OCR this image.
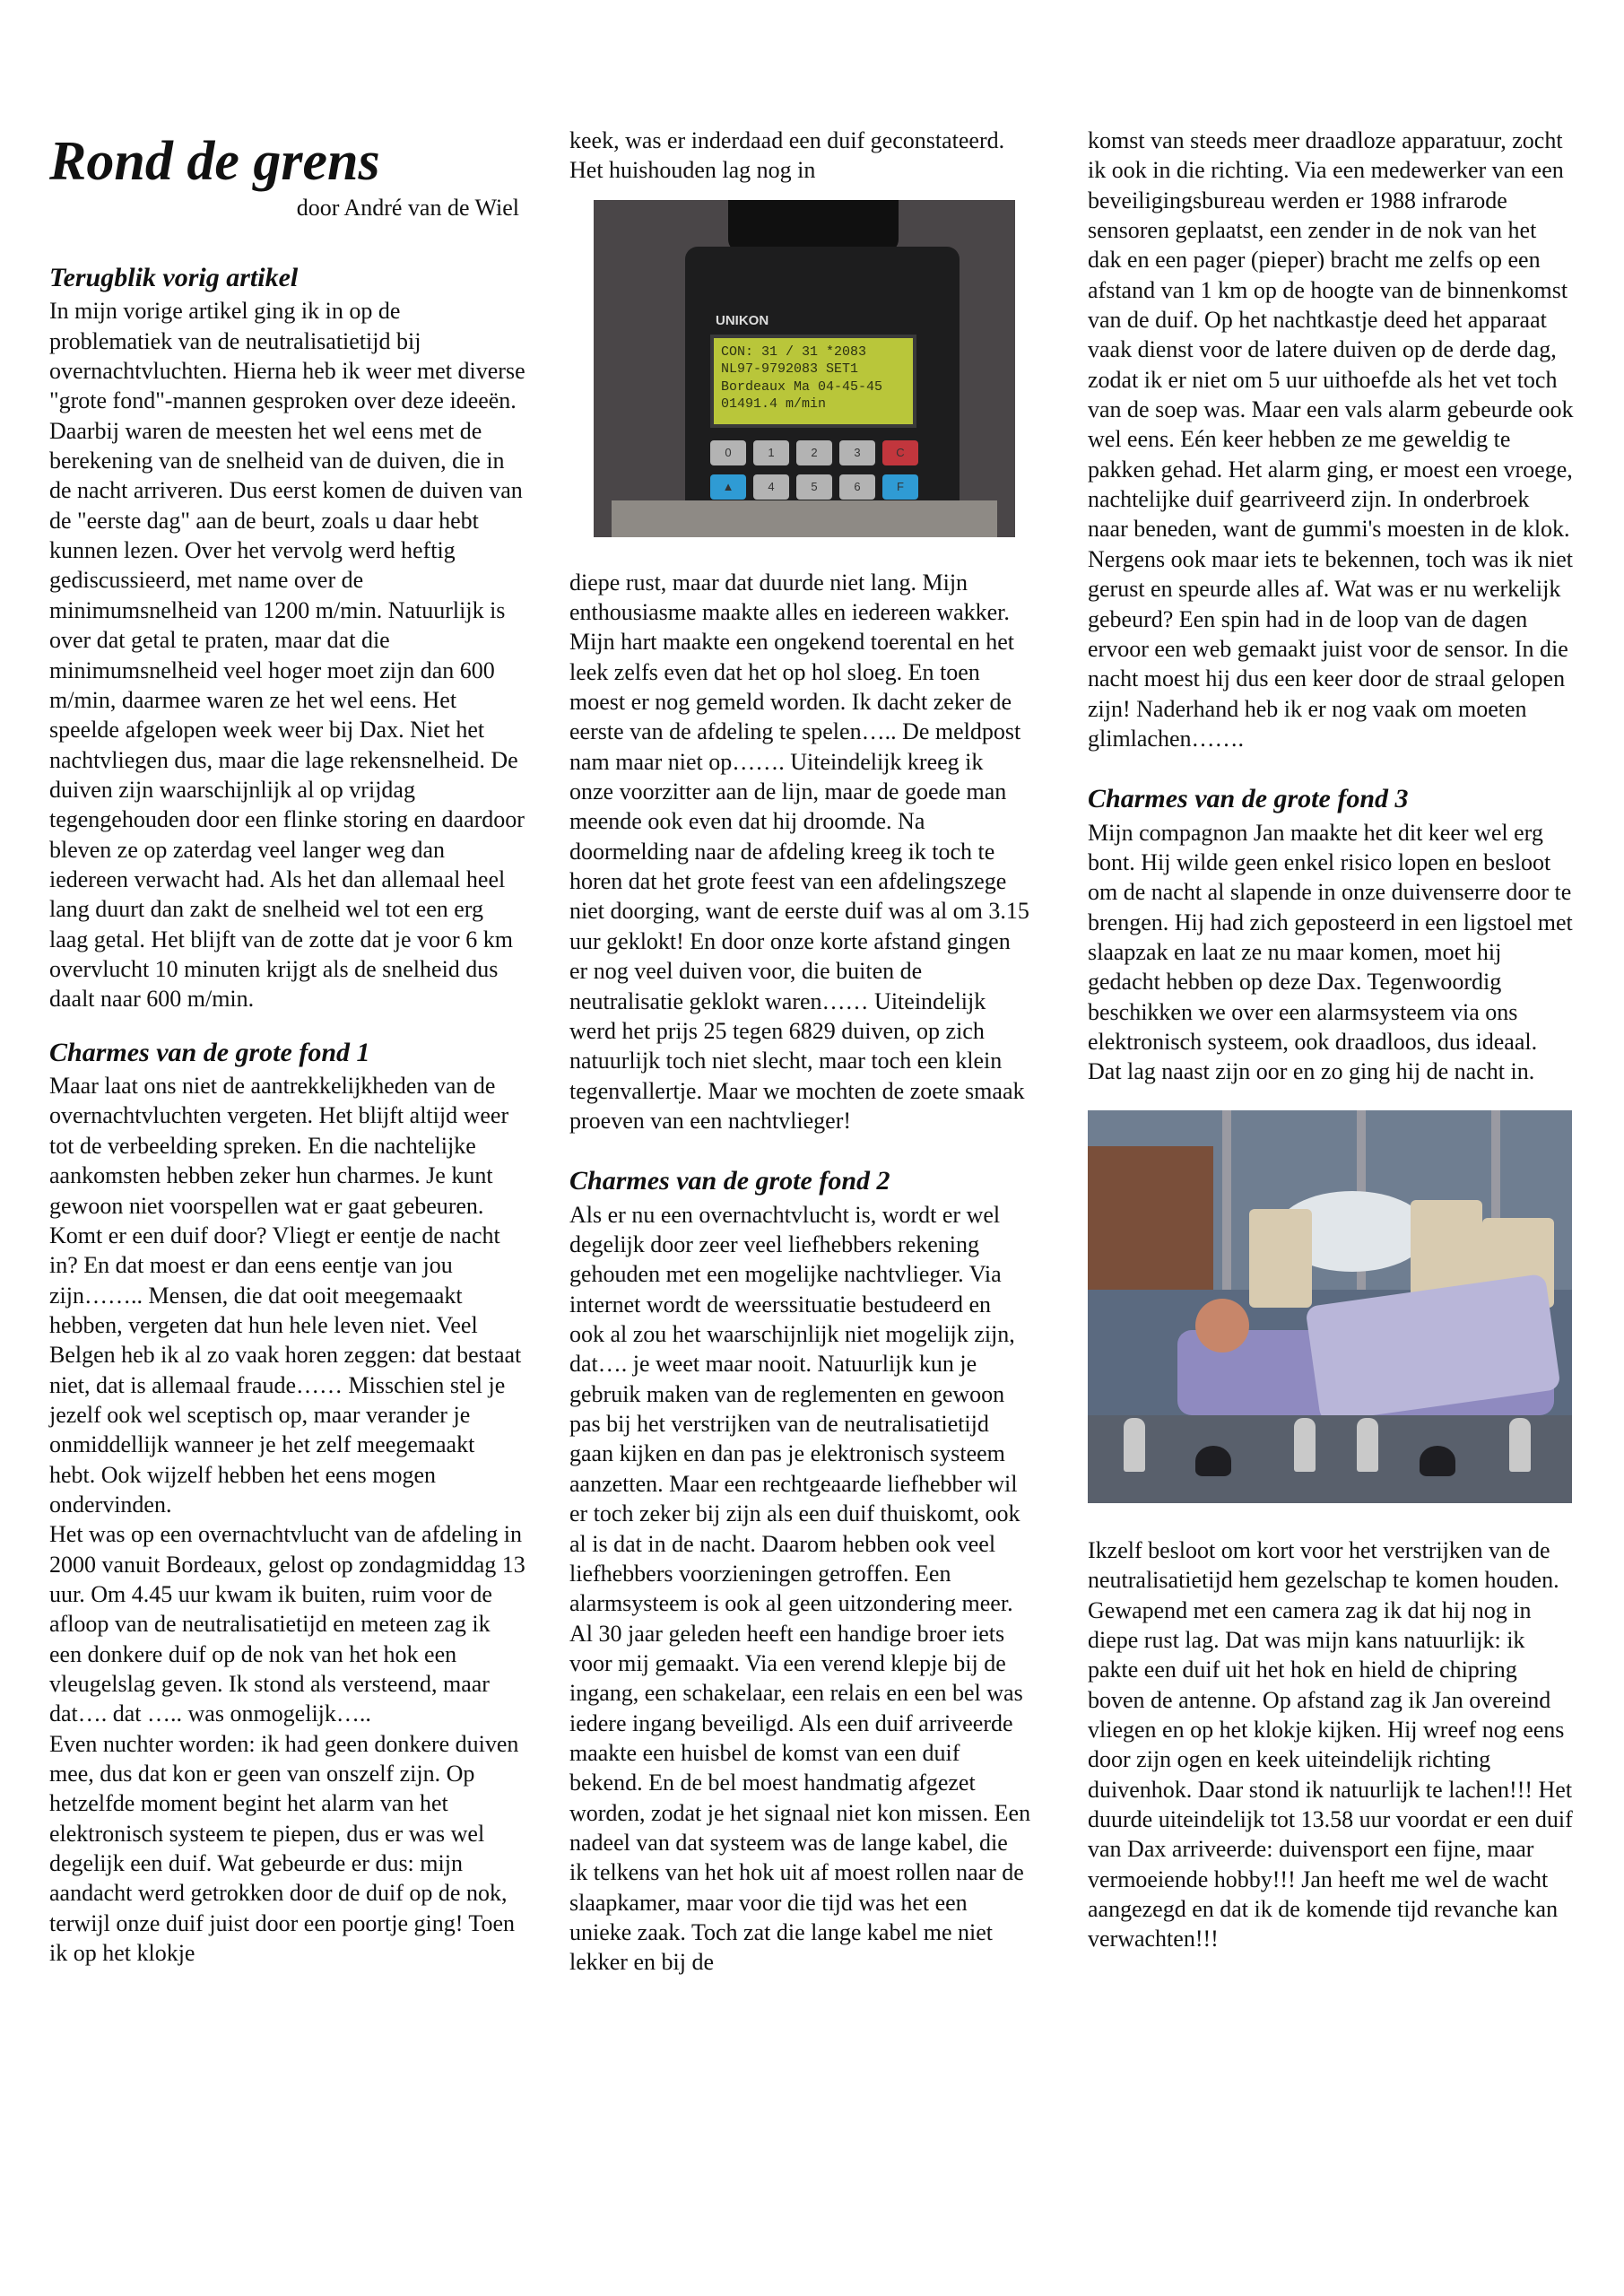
Rond de grens
door André van de Wiel
Terugblik vorig artikel

In mijn vorige artikel ging ik in op de problematiek van de neutralisatietijd bij overnachtvluchten. Hierna heb ik weer met diverse "grote fond"-mannen gesproken over deze ideeën. Daarbij waren de meesten het wel eens met de berekening van de snelheid van de duiven, die in de nacht arriveren. Dus eerst komen de duiven van de "eerste dag" aan de beurt, zoals u daar hebt kunnen lezen. Over het vervolg werd heftig gediscussieerd, met name over de minimumsnelheid van 1200 m/min. Natuurlijk is over dat getal te praten, maar dat die minimumsnelheid veel hoger moet zijn dan 600 m/min, daarmee waren ze het wel eens. Het speelde afgelopen week weer bij Dax. Niet het nachtvliegen dus, maar die lage rekensnelheid. De duiven zijn waarschijnlijk al op vrijdag tegengehouden door een flinke storing en daardoor bleven ze op zaterdag veel langer weg dan iedereen verwacht had. Als het dan allemaal heel lang duurt dan zakt de snelheid wel tot een erg laag getal. Het blijft van de zotte dat je voor 6 km overvlucht 10 minuten krijgt als de snelheid dus daalt naar 600 m/min.

Charmes van de grote fond 1

Maar laat ons niet de aantrekkelijkheden van de overnachtvluchten vergeten. Het blijft altijd weer tot de verbeelding spreken. En die nachtelijke aankomsten hebben zeker hun charmes. Je kunt gewoon niet voorspellen wat er gaat gebeuren. Komt er een duif door? Vliegt er eentje de nacht in? En dat moest er dan eens eentje van jou zijn…….. Mensen, die dat ooit meegemaakt hebben, vergeten dat hun hele leven niet. Veel Belgen heb ik al zo vaak horen zeggen: dat bestaat niet, dat is allemaal fraude…… Misschien stel je jezelf ook wel sceptisch op, maar verander je onmiddellijk wanneer je het zelf meegemaakt hebt. Ook wijzelf hebben het eens mogen ondervinden.
Het was op een overnachtvlucht van de afdeling in 2000 vanuit Bordeaux, gelost op zondagmiddag 13 uur. Om 4.45 uur kwam ik buiten, ruim voor de afloop van de neutralisatietijd en meteen zag ik een donkere duif op de nok van het hok een vleugelslag geven. Ik stond als versteend, maar dat…. dat ….. was onmogelijk…..
Even nuchter worden: ik had geen donkere duiven mee, dus dat kon er geen van onszelf zijn. Op hetzelfde moment begint het alarm van het elektronisch systeem te piepen, dus er was wel degelijk een duif. Wat gebeurde er dus: mijn aandacht werd getrokken door de duif op de nok, terwijl onze duif juist door een poortje ging! Toen ik op het klokje

keek, was er inderdaad een duif geconstateerd. Het huishouden lag nog in

UNIKON
CON: 31 / 31 *2083
NL97-9792083 SET1
Bordeaux Ma 04-45-45
01491.4 m/min
0	1	2	3	C
▲	4	5	6	F

diepe rust, maar dat duurde niet lang. Mijn enthousiasme maakte alles en iedereen wakker. Mijn hart maakte een ongekend toerental en het leek zelfs even dat het op hol sloeg. En toen moest er nog gemeld worden. Ik dacht zeker de eerste van de afdeling te spelen….. De meldpost nam maar niet op……. Uiteindelijk kreeg ik onze voorzitter aan de lijn, maar de goede man meende ook even dat hij droomde. Na doormelding naar de afdeling kreeg ik toch te horen dat het grote feest van een afdelingszege niet doorging, want de eerste duif was al om 3.15 uur geklokt! En door onze korte afstand gingen er nog veel duiven voor, die buiten de neutralisatie geklokt waren…… Uiteindelijk werd het prijs 25 tegen 6829 duiven, op zich natuurlijk toch niet slecht, maar toch een klein tegenvallertje. Maar we mochten de zoete smaak proeven van een nachtvlieger!

Charmes van de grote fond 2

Als er nu een overnachtvlucht is, wordt er wel degelijk door zeer veel liefhebbers rekening gehouden met een mogelijke nachtvlieger. Via internet wordt de weerssituatie bestudeerd en ook al zou het waarschijnlijk niet mogelijk zijn, dat…. je weet maar nooit. Natuurlijk kun je gebruik maken van de reglementen en gewoon pas bij het verstrijken van de neutralisatietijd gaan kijken en dan pas je elektronisch systeem aanzetten. Maar een rechtgeaarde liefhebber wil er toch zeker bij zijn als een duif thuiskomt, ook al is dat in de nacht. Daarom hebben ook veel liefhebbers voorzieningen getroffen. Een alarmsysteem is ook al geen uitzondering meer. Al 30 jaar geleden heeft een handige broer iets voor mij gemaakt. Via een verend klepje bij de ingang, een schakelaar, een relais en een bel was iedere ingang beveiligd. Als een duif arriveerde maakte een huisbel de komst van een duif bekend. En de bel moest handmatig afgezet worden, zodat je het signaal niet kon missen. Een nadeel van dat systeem was de lange kabel, die ik telkens van het hok uit af moest rollen naar de slaapkamer, maar voor die tijd was het een unieke zaak. Toch zat die lange kabel me niet lekker en bij de

komst van steeds meer draadloze apparatuur, zocht ik ook in die richting. Via een medewerker van een beveiligingsbureau werden er 1988 infrarode sensoren geplaatst, een zender in de nok van het dak en een pager (pieper) bracht me zelfs op een afstand van 1 km op de hoogte van de binnenkomst van de duif. Op het nachtkastje deed het apparaat vaak dienst voor de latere duiven op de derde dag, zodat ik er niet om 5 uur uithoefde als het vet toch van de soep was. Maar een vals alarm gebeurde ook wel eens. Eén keer hebben ze me geweldig te pakken gehad. Het alarm ging, er moest een vroege, nachtelijke duif gearriveerd zijn. In onderbroek naar beneden, want de gummi's moesten in de klok. Nergens ook maar iets te bekennen, toch was ik niet gerust en speurde alles af. Wat was er nu werkelijk gebeurd? Een spin had in de loop van de dagen ervoor een web gemaakt juist voor de sensor. In die nacht moest hij dus een keer door de straal gelopen zijn! Naderhand heb ik er nog vaak om moeten glimlachen…….

Charmes van de grote fond 3

Mijn compagnon Jan maakte het dit keer wel erg bont. Hij wilde geen enkel risico lopen en besloot om de nacht al slapende in onze duivenserre door te brengen. Hij had zich geposteerd in een ligstoel met slaapzak en laat ze nu maar komen, moet hij gedacht hebben op deze Dax. Tegenwoordig beschikken we over een alarmsysteem via ons elektronisch systeem, ook draadloos, dus ideaal. Dat lag naast zijn oor en zo ging hij de nacht in.

Ikzelf besloot om kort voor het verstrijken van de neutralisatietijd hem gezelschap te komen houden. Gewapend met een camera zag ik dat hij nog in diepe rust lag. Dat was mijn kans natuurlijk: ik pakte een duif uit het hok en hield de chipring boven de antenne. Op afstand zag ik Jan overeind vliegen en op het klokje kijken. Hij wreef nog eens door zijn ogen en keek uiteindelijk richting duivenhok. Daar stond ik natuurlijk te lachen!!! Het duurde uiteindelijk tot 13.58 uur voordat er een duif van Dax arriveerde: duivensport een fijne, maar vermoeiende hobby!!! Jan heeft me wel de wacht aangezegd en dat ik de komende tijd revanche kan verwachten!!!
